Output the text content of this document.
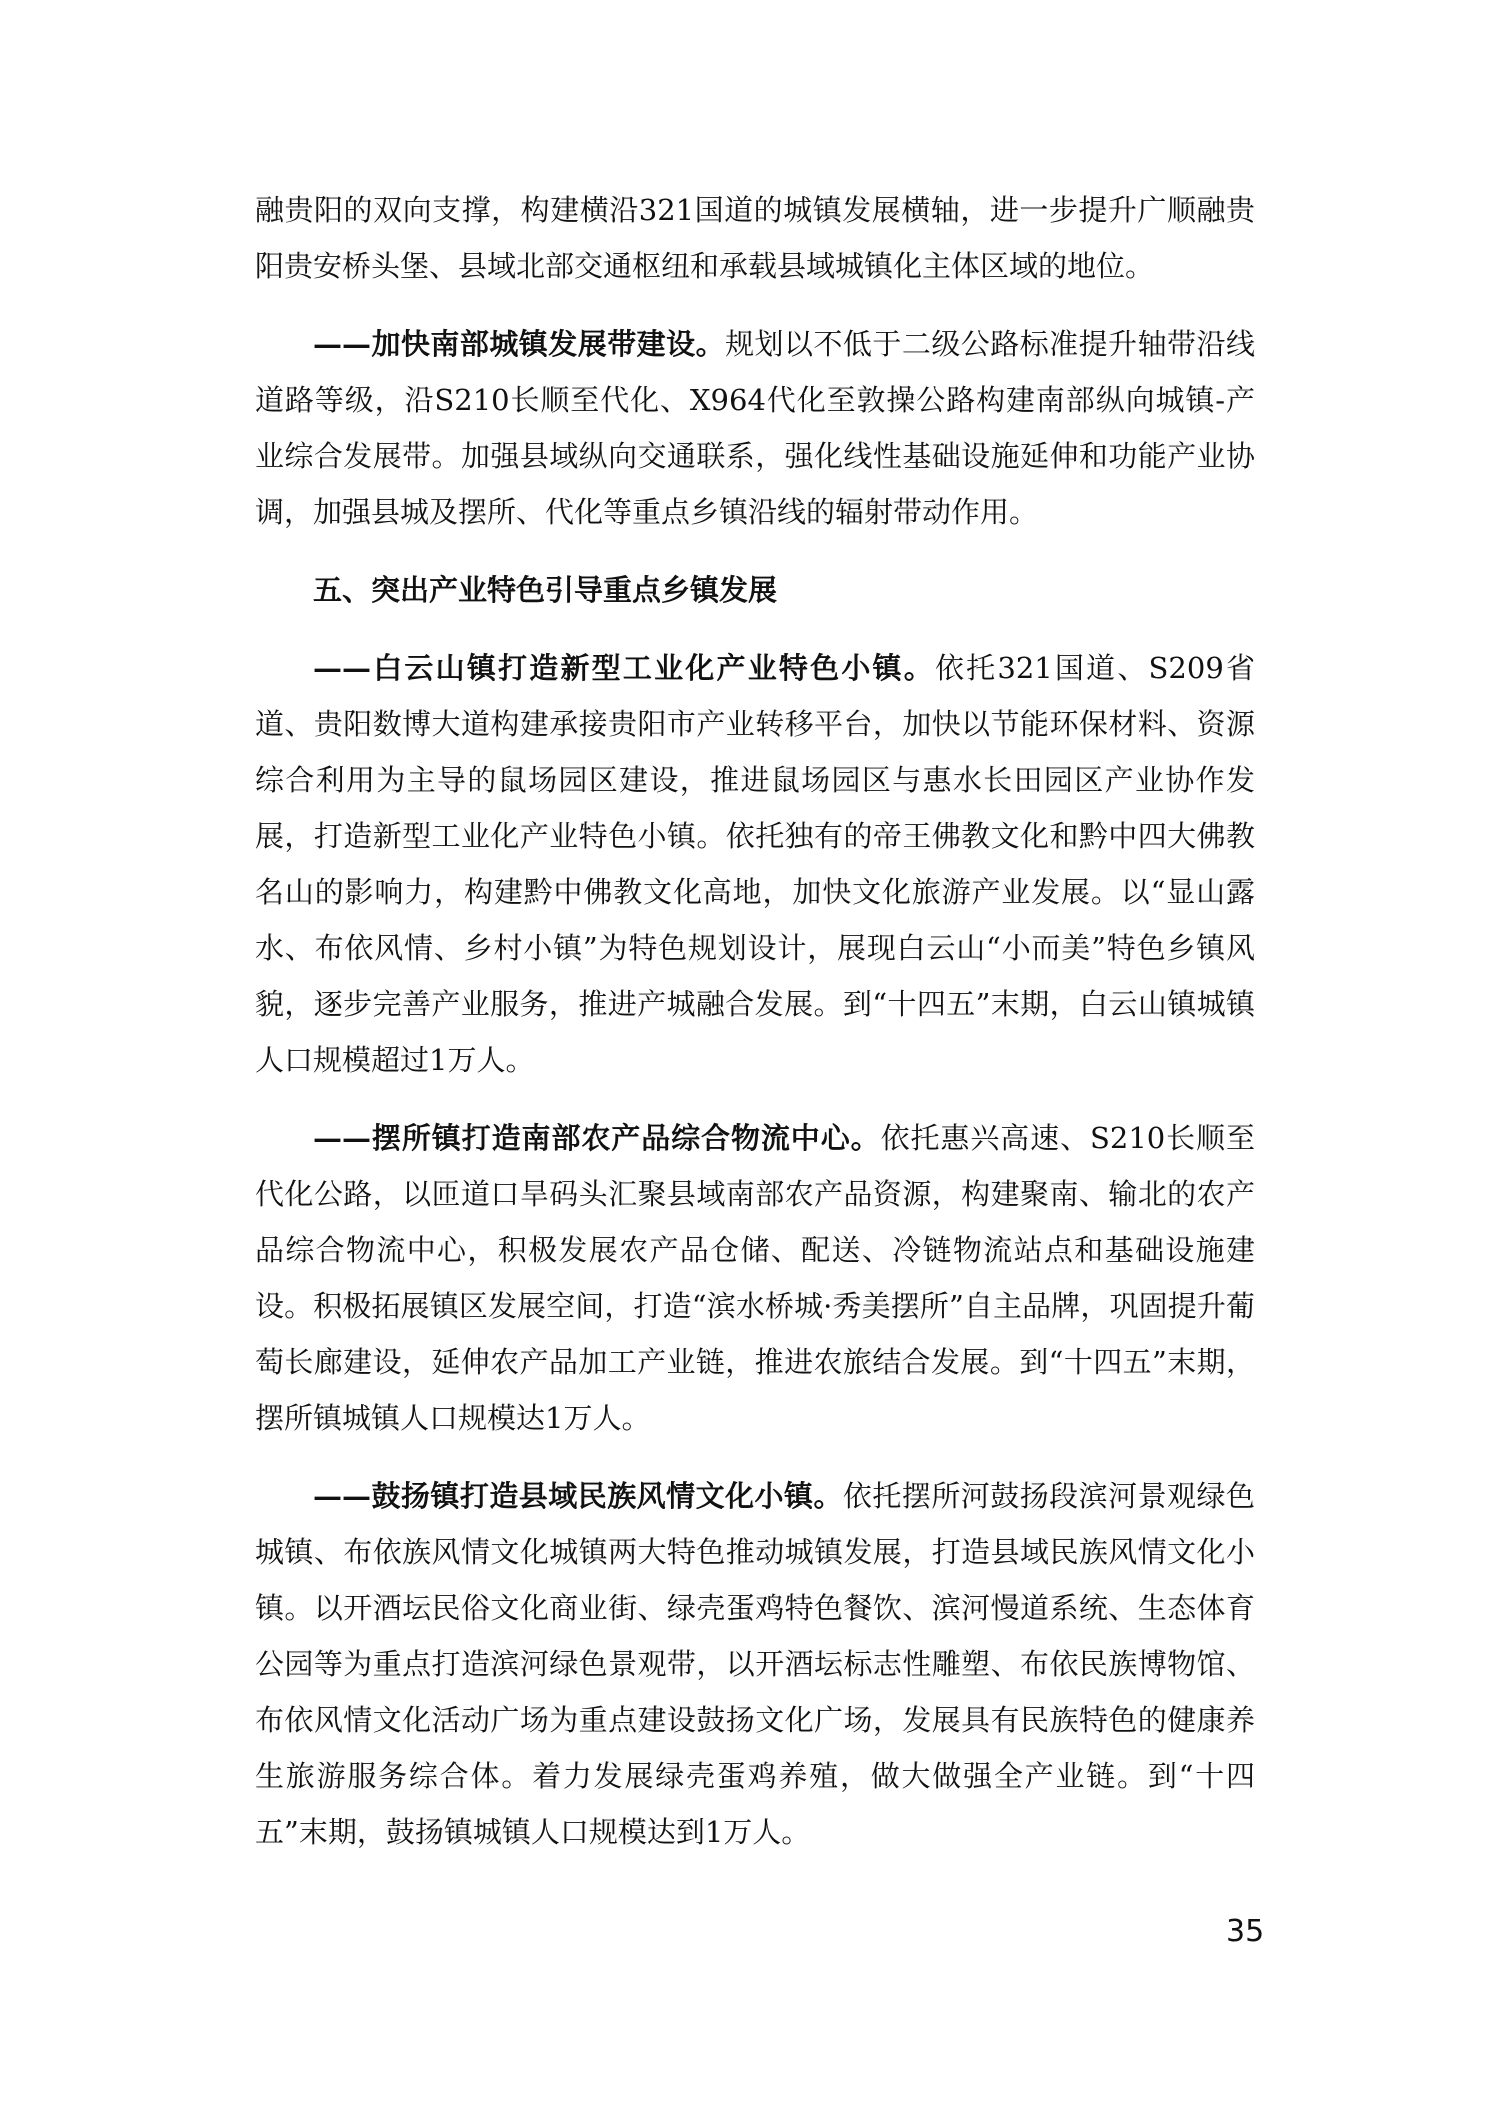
融贵阳的双向支撑，构建横沿321国道的城镇发展横轴，进一步提升广顺融贵阳贵安桥头堡、县域北部交通枢纽和承载县域城镇化主体区域的地位。

——加快南部城镇发展带建设。规划以不低于二级公路标准提升轴带沿线道路等级，沿S210长顺至代化、X964代化至敦操公路构建南部纵向城镇-产业综合发展带。加强县域纵向交通联系，强化线性基础设施延伸和功能产业协调，加强县城及摆所、代化等重点乡镇沿线的辐射带动作用。

五、突出产业特色引导重点乡镇发展

——白云山镇打造新型工业化产业特色小镇。依托321国道、S209省道、贵阳数博大道构建承接贵阳市产业转移平台，加快以节能环保材料、资源综合利用为主导的鼠场园区建设，推进鼠场园区与惠水长田园区产业协作发展，打造新型工业化产业特色小镇。依托独有的帝王佛教文化和黔中四大佛教名山的影响力，构建黔中佛教文化高地，加快文化旅游产业发展。以“显山露水、布依风情、乡村小镇”为特色规划设计，展现白云山“小而美”特色乡镇风貌，逐步完善产业服务，推进产城融合发展。到“十四五”末期，白云山镇城镇人口规模超过1万人。

——摆所镇打造南部农产品综合物流中心。依托惠兴高速、S210长顺至代化公路，以匝道口旱码头汇聚县域南部农产品资源，构建聚南、输北的农产品综合物流中心，积极发展农产品仓储、配送、冷链物流站点和基础设施建设。积极拓展镇区发展空间，打造“滨水桥城·秀美摆所”自主品牌，巩固提升葡萄长廊建设，延伸农产品加工产业链，推进农旅结合发展。到“十四五”末期，摆所镇城镇人口规模达1万人。

——鼓扬镇打造县域民族风情文化小镇。依托摆所河鼓扬段滨河景观绿色城镇、布依族风情文化城镇两大特色推动城镇发展，打造县域民族风情文化小镇。以开酒坛民俗文化商业街、绿壳蛋鸡特色餐饮、滨河慢道系统、生态体育公园等为重点打造滨河绿色景观带，以开酒坛标志性雕塑、布依民族博物馆、布依风情文化活动广场为重点建设鼓扬文化广场，发展具有民族特色的健康养生旅游服务综合体。着力发展绿壳蛋鸡养殖，做大做强全产业链。到“十四五”末期，鼓扬镇城镇人口规模达到1万人。

35
